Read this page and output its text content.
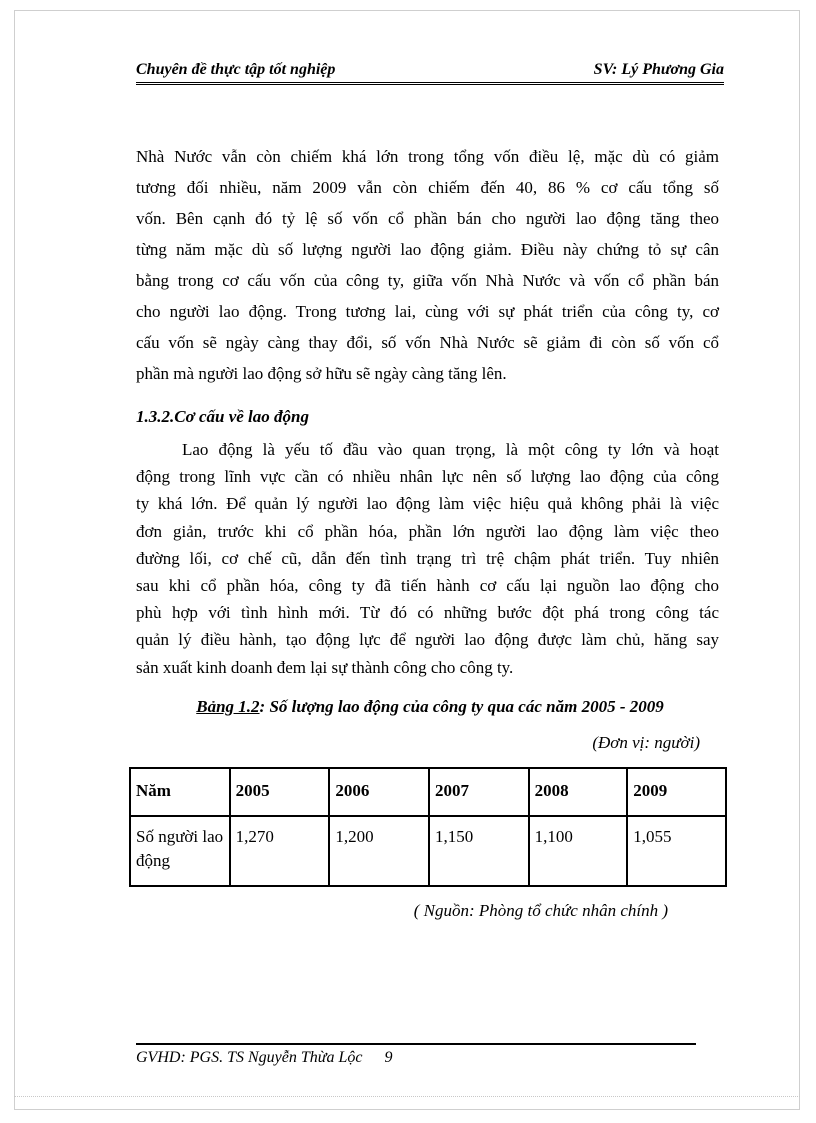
Chuyên đề thực tập tốt nghiệp	SV: Lý Phương Gia
Nhà Nước vẫn còn chiếm khá lớn trong tổng vốn điều lệ, mặc dù có giảm
tương đối nhiều, năm 2009 vẫn còn chiếm đến 40, 86 % cơ cấu tổng số
vốn. Bên cạnh đó tỷ lệ số vốn cổ phần bán cho người lao động tăng theo
từng năm mặc dù số lượng người lao động giảm. Điều này chứng tỏ sự cân
bằng trong cơ cấu vốn của công ty, giữa vốn Nhà Nước và vốn cổ phần bán
cho người lao động. Trong tương lai, cùng với sự phát triển của công ty, cơ
cấu vốn sẽ ngày càng thay đổi, số vốn Nhà Nước sẽ giảm đi còn số vốn cổ
phần mà người lao động sở hữu sẽ ngày càng tăng lên.
1.3.2.Cơ cấu về lao động
Lao động là yếu tố đầu vào quan trọng, là một công ty lớn và hoạt
động trong lĩnh vực cần có nhiều nhân lực nên số lượng lao động của công
ty khá lớn. Để quản lý người lao động làm việc hiệu quả không phải là việc
đơn giản, trước khi cổ phần hóa, phần lớn người lao động làm việc theo
đường lối, cơ chế cũ, dẫn đến tình trạng trì trệ chậm phát triển. Tuy nhiên
sau khi cổ phần hóa, công ty đã tiến hành cơ cấu lại nguồn lao động cho
phù hợp với tình hình mới. Từ đó có những bước đột phá trong công tác
quản lý điều hành, tạo động lực để người lao động được làm chủ, hăng say
sản xuất kinh doanh đem lại sự thành công cho công ty.
Bảng 1.2: Số lượng lao động của công ty qua các năm 2005 - 2009
(Đơn vị: người)
Năm	2005	2006	2007	2008	2009
Số người lao động	1,270	1,200	1,150	1,100	1,055
( Nguồn: Phòng tổ chức nhân chính )
GVHD: PGS. TS Nguyễn Thừa Lộc 9
